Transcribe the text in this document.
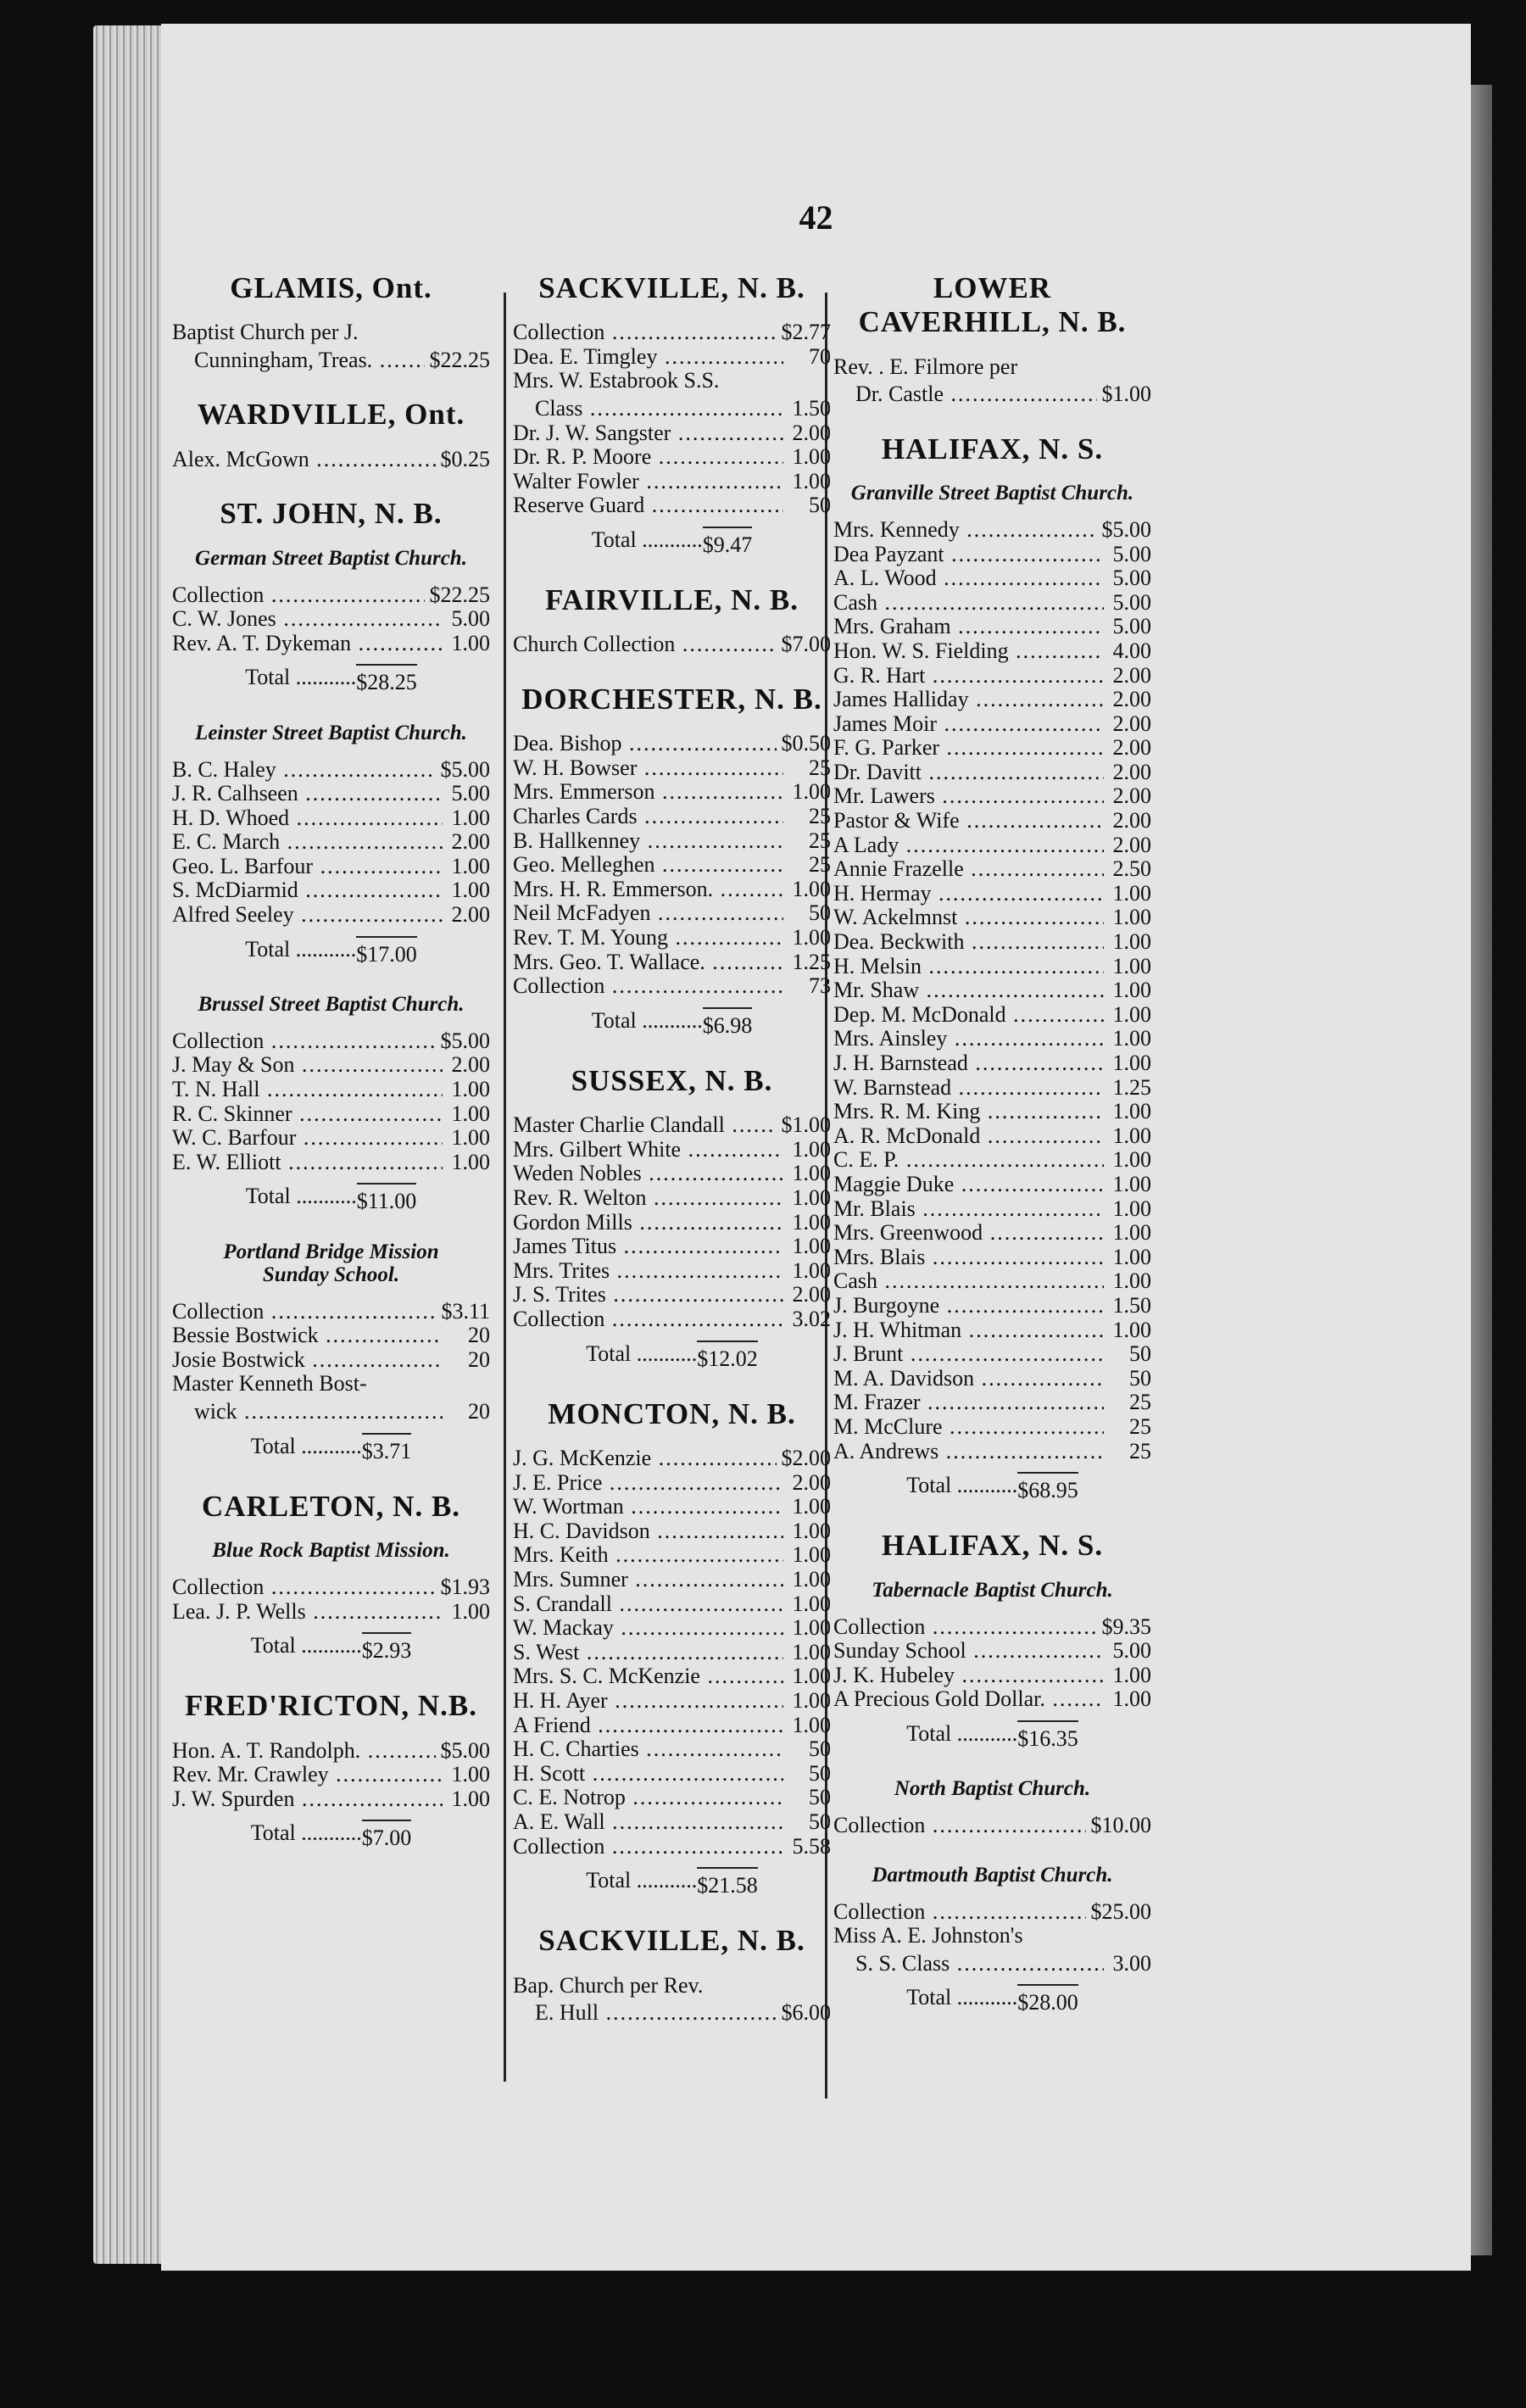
42
GLAMIS, Ont.
Baptist Church per J.
Cunningham, Treas. .....	$22.25
WARDVILLE, Ont.
Alex. McGown .....	$0.25
ST. JOHN, N. B.
German Street Baptist Church.
Collection .....	$22.25
C. W. Jones .....	5.00
Rev. A. T. Dykeman .....	1.00
Total .....	$28.25
Leinster Street Baptist Church.
B. C. Haley .....	$5.00
J. R. Calhseen .....	5.00
H. D. Whoed .....	1.00
E. C. March .....	2.00
Geo. L. Barfour .....	1.00
S. McDiarmid .....	1.00
Alfred Seeley .....	2.00
Total .....	$17.00
Brussel Street Baptist Church.
Collection .....	$5.00
J. May & Son .....	2.00
T. N. Hall .....	1.00
R. C. Skinner .....	1.00
W. C. Barfour .....	1.00
E. W. Elliott .....	1.00
Total .....	$11.00
Portland Bridge Mission Sunday School.
Collection .....	$3.11
Bessie Bostwick .....	20
Josie Bostwick .....	20
Master Kenneth Bost-
wick .....	20
Total .....	$3.71
CARLETON, N. B.
Blue Rock Baptist Mission.
Collection .....	$1.93
Lea. J. P. Wells .....	1.00
Total .....	$2.93
FRED'RICTON, N.B.
Hon. A. T. Randolph. .....	$5.00
Rev. Mr. Crawley .....	1.00
J. W. Spurden .....	1.00
Total .....	$7.00
SACKVILLE, N. B.
Collection .....	$2.77
Dea. E. Timgley .....	70
Mrs. W. Estabrook S.S.
Class .....	1.50
Dr. J. W. Sangster .....	2.00
Dr. R. P. Moore .....	1.00
Walter Fowler .....	1.00
Reserve Guard .....	50
Total .....	$9.47
FAIRVILLE, N. B.
Church Collection .....	$7.00
DORCHESTER, N. B.
Dea. Bishop .....	$0.50
W. H. Bowser .....	25
Mrs. Emmerson .....	1.00
Charles Cards .....	25
B. Hallkenney .....	25
Geo. Melleghen .....	25
Mrs. H. R. Emmerson. .....	1.00
Neil McFadyen .....	50
Rev. T. M. Young .....	1.00
Mrs. Geo. T. Wallace. .....	1.25
Collection .....	73
Total .....	$6.98
SUSSEX, N. B.
Master Charlie Clandall .....	$1.00
Mrs. Gilbert White .....	1.00
Weden Nobles .....	1.00
Rev. R. Welton .....	1.00
Gordon Mills .....	1.00
James Titus .....	1.00
Mrs. Trites .....	1.00
J. S. Trites .....	2.00
Collection .....	3.02
Total .....	$12.02
MONCTON, N. B.
J. G. McKenzie .....	$2.00
J. E. Price .....	2.00
W. Wortman .....	1.00
H. C. Davidson .....	1.00
Mrs. Keith .....	1.00
Mrs. Sumner .....	1.00
S. Crandall .....	1.00
W. Mackay .....	1.00
S. West .....	1.00
Mrs. S. C. McKenzie .....	1.00
H. H. Ayer .....	1.00
A Friend .....	1.00
H. C. Charties .....	50
H. Scott .....	50
C. E. Notrop .....	50
A. E. Wall .....	50
Collection .....	5.58
Total .....	$21.58
SACKVILLE, N. B.
Bap. Church per Rev.
E. Hull .....	$6.00
LOWER CAVERHILL, N. B.
Rev. . E. Filmore per
Dr. Castle .....	$1.00
HALIFAX, N. S.
Granville Street Baptist Church.
Mrs. Kennedy .....	$5.00
Dea Payzant .....	5.00
A. L. Wood .....	5.00
Cash .....	5.00
Mrs. Graham .....	5.00
Hon. W. S. Fielding .....	4.00
G. R. Hart .....	2.00
James Halliday .....	2.00
James Moir .....	2.00
F. G. Parker .....	2.00
Dr. Davitt .....	2.00
Mr. Lawers .....	2.00
Pastor & Wife .....	2.00
A Lady .....	2.00
Annie Frazelle .....	2.50
H. Hermay .....	1.00
W. Ackelmnst .....	1.00
Dea. Beckwith .....	1.00
H. Melsin .....	1.00
Mr. Shaw .....	1.00
Dep. M. McDonald .....	1.00
Mrs. Ainsley .....	1.00
J. H. Barnstead .....	1.00
W. Barnstead .....	1.25
Mrs. R. M. King .....	1.00
A. R. McDonald .....	1.00
C. E. P. .....	1.00
Maggie Duke .....	1.00
Mr. Blais .....	1.00
Mrs. Greenwood .....	1.00
Mrs. Blais .....	1.00
Cash .....	1.00
J. Burgoyne .....	1.50
J. H. Whitman .....	1.00
J. Brunt .....	50
M. A. Davidson .....	50
M. Frazer .....	25
M. McClure .....	25
A. Andrews .....	25
Total .....	$68.95
HALIFAX, N. S.
Tabernacle Baptist Church.
Collection .....	$9.35
Sunday School .....	5.00
J. K. Hubeley .....	1.00
A Precious Gold Dollar. .....	1.00
Total .....	$16.35
North Baptist Church.
Collection .....	$10.00
Dartmouth Baptist Church.
Collection .....	$25.00
Miss A. E. Johnston's
S. S. Class .....	3.00
Total .....	$28.00
